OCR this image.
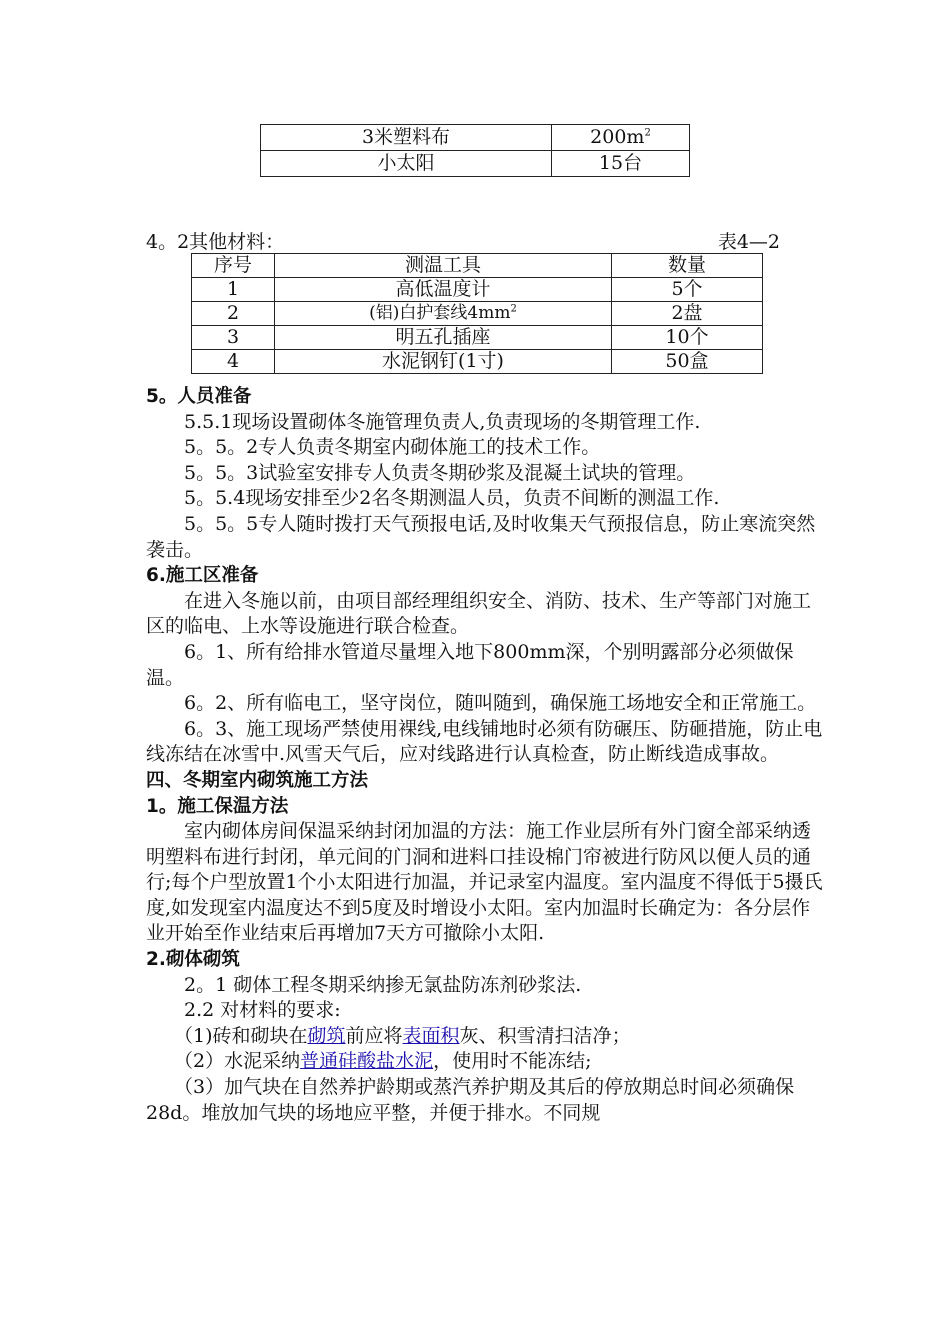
3米塑料布	$200m^2$
小太阳	15台
4。2其他材料：	表4—2
序号	测温工具	数量
1	高低温度计	5个
2	(铝)白护套线$4mm^2$	2盘
3	明五孔插座	10个
4	水泥钢钉(1寸)	50盒

5。人员准备

5.5.1现场设置砌体冬施管理负责人,负责现场的冬期管理工作.

5。5。2专人负责冬期室内砌体施工的技术工作。

5。5。3试验室安排专人负责冬期砂浆及混凝土试块的管理。

5。5.4现场安排至少2名冬期测温人员，负责不间断的测温工作.

5。5。5专人随时拨打天气预报电话,及时收集天气预报信息，防止寒流突然袭击。

6.施工区准备

在进入冬施以前，由项目部经理组织安全、消防、技术、生产等部门对施工区的临电、上水等设施进行联合检查。

6。1、所有给排水管道尽量埋入地下800mm深，个别明露部分必须做保温。

6。2、所有临电工，坚守岗位，随叫随到，确保施工场地安全和正常施工。

6。3、施工现场严禁使用裸线,电线铺地时必须有防碾压、防砸措施，防止电线冻结在冰雪中.风雪天气后，应对线路进行认真检查，防止断线造成事故。

四、冬期室内砌筑施工方法

1。施工保温方法

室内砌体房间保温采纳封闭加温的方法：施工作业层所有外门窗全部采纳透明塑料布进行封闭，单元间的门洞和进料口挂设棉门帘被进行防风以便人员的通行;每个户型放置1个小太阳进行加温，并记录室内温度。室内温度不得低于5摄氏度,如发现室内温度达不到5度及时增设小太阳。室内加温时长确定为：各分层作业开始至作业结束后再增加7天方可撤除小太阳.

2.砌体砌筑

2。1 砌体工程冬期采纳掺无氯盐防冻剂砂浆法.

2.2 对材料的要求:

（1)砖和砌块在砌筑前应将表面积灰、积雪清扫洁净；

（2）水泥采纳普通硅酸盐水泥，使用时不能冻结;

（3）加气块在自然养护龄期或蒸汽养护期及其后的停放期总时间必须确保28d。堆放加气块的场地应平整，并便于排水。不同规
